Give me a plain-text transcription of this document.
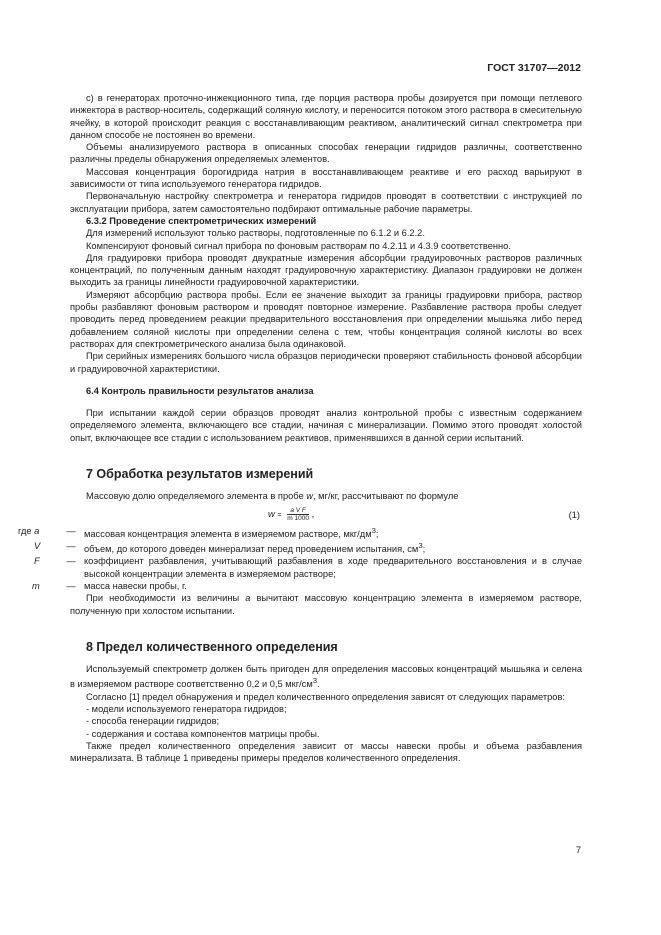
ГОСТ 31707—2012

с) в генераторах проточно-инжекционного типа, где порция раствора пробы дозируется при помощи петлевого инжектора в раствор-носитель, содержащий соляную кислоту, и переносится потоком этого раствора в смесительную ячейку, в которой происходит реакция с восстанавливающим реактивом, аналитический сигнал спектрометра при данном способе не постоянен во времени.

Объемы анализируемого раствора в описанных способах генерации гидридов различны, соответственно различны пределы обнаружения определяемых элементов.

Массовая концентрация борогидрида натрия в восстанавливающем реактиве и его расход варьируют в зависимости от типа используемого генератора гидридов.

Первоначальную настройку спектрометра и генератора гидридов проводят в соответствии с инструкцией по эксплуатации прибора, затем самостоятельно подбирают оптимальные рабочие параметры.

6.3.2 Проведение спектрометрических измерений

Для измерений используют только растворы, подготовленные по 6.1.2 и 6.2.2.

Компенсируют фоновый сигнал прибора по фоновым растворам по 4.2.11 и 4.3.9 соответственно.

Для градуировки прибора проводят двукратные измерения абсорбции градуировочных растворов различных концентраций, по полученным данным находят градуировочную характеристику. Диапазон градуировки не должен выходить за границы линейности градуировочной характеристики.

Измеряют абсорбцию раствора пробы. Если ее значение выходит за границы градуировки прибора, раствор пробы разбавляют фоновым раствором и проводят повторное измерение. Разбавление раствора пробы следует проводить перед проведением реакции предварительного восстановления при определении мышьяка либо перед добавлением соляной кислоты при определении селена с тем, чтобы концентрация соляной кислоты во всех растворах для спектрометрического анализа была одинаковой.

При серийных измерениях большого числа образцов периодически проверяют стабильность фоновой абсорбции и градуировочной характеристики.

6.4 Контроль правильности результатов анализа

При испытании каждой серии образцов проводят анализ контрольной пробы с известным содержанием определяемого элемента, включающего все стадии, начиная с минерализации. Помимо этого проводят холостой опыт, включающее все стадии с использованием реактивов, применявшихся в данной серии испытаний.

7 Обработка результатов измерений

Массовую долю определяемого элемента в пробе w, мг/кг, рассчитывают по формуле

$w = \frac{\text{a V F}}{m 1000}$ ,	(1)
где a	— массовая концентрация элемента в измеряемом растворе, мкг/$дм^3$;
V	— объем, до которого доведен минерализат перед проведением испытания, $см^3$;
F	— коэффициент разбавления, учитывающий разбавления в ходе предварительного восстановления и в случае высокой концентрации элемента в измеряемом растворе;
m	— масса навески пробы, г.

При необходимости из величины a вычитают массовую концентрацию элемента в измеряемом растворе, полученную при холостом испытании.

8 Предел количественного определения

Используемый спектрометр должен быть пригоден для определения массовых концентраций мышьяка и селена в измеряемом растворе соответственно 0,2 и 0,5 мкг/$см^3$.

Согласно [1] предел обнаружения и предел количественного определения зависят от следующих параметров:

- модели используемого генератора гидридов;

- способа генерации гидридов;

- содержания и состава компонентов матрицы пробы.

Также предел количественного определения зависит от массы навески пробы и объема разбавления минерализата. В таблице 1 приведены примеры пределов количественного определения.

7
